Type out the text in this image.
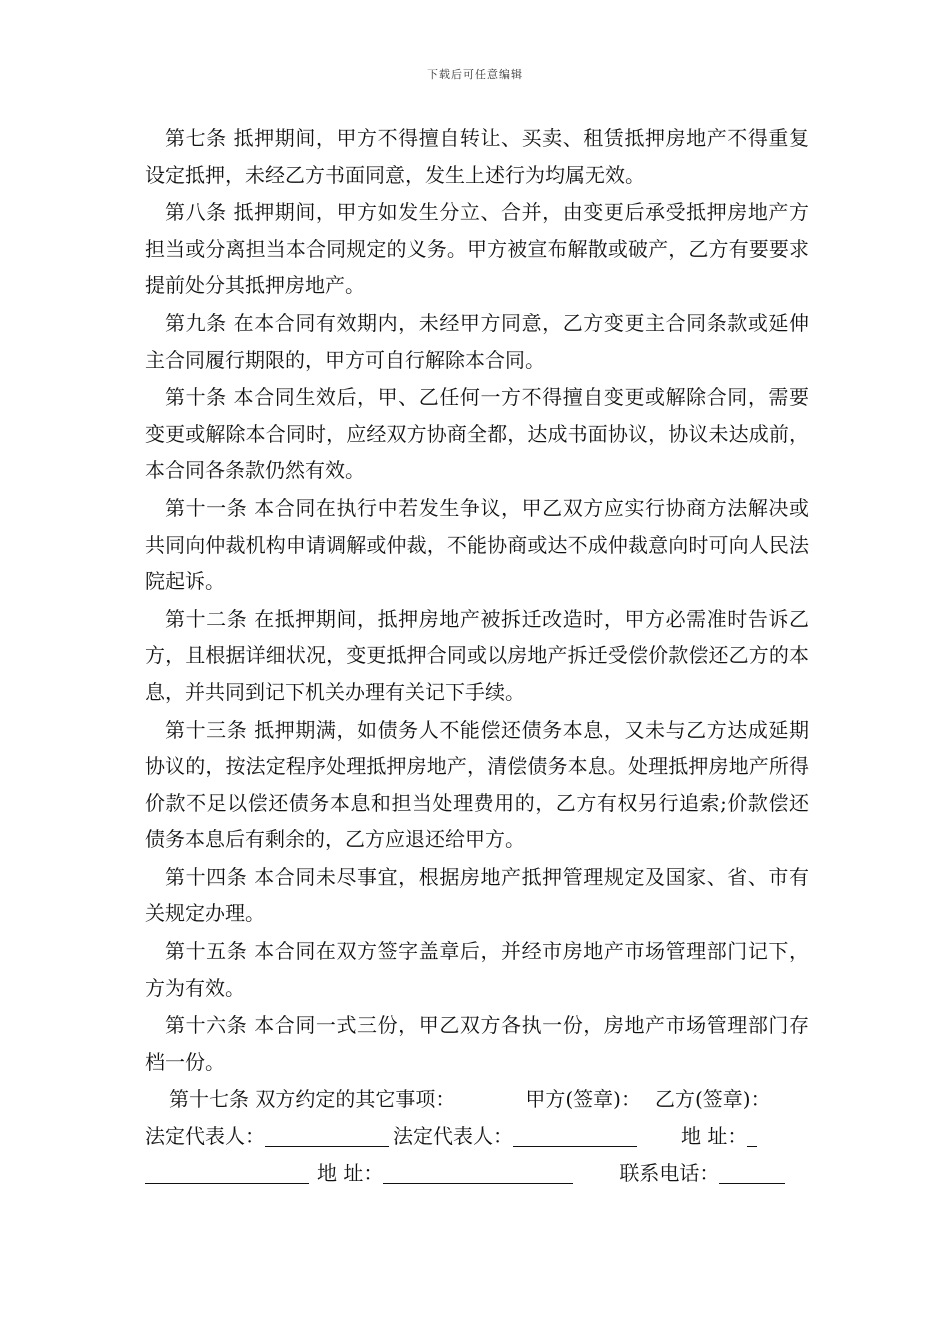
下载后可任意编辑

第七条 抵押期间，甲方不得擅自转让、买卖、租赁抵押房地产不得重复设定抵押，未经乙方书面同意，发生上述行为均属无效。

第八条 抵押期间，甲方如发生分立、合并，由变更后承受抵押房地产方担当或分离担当本合同规定的义务。甲方被宣布解散或破产，乙方有要要求提前处分其抵押房地产。

第九条 在本合同有效期内，未经甲方同意，乙方变更主合同条款或延伸主合同履行期限的，甲方可自行解除本合同。

第十条 本合同生效后，甲、乙任何一方不得擅自变更或解除合同，需要变更或解除本合同时，应经双方协商全都，达成书面协议，协议未达成前，本合同各条款仍然有效。

第十一条 本合同在执行中若发生争议，甲乙双方应实行协商方法解决或共同向仲裁机构申请调解或仲裁，不能协商或达不成仲裁意向时可向人民法院起诉。

第十二条 在抵押期间，抵押房地产被拆迁改造时，甲方必需准时告诉乙方，且根据详细状况，变更抵押合同或以房地产拆迁受偿价款偿还乙方的本息，并共同到记下机关办理有关记下手续。

第十三条 抵押期满，如债务人不能偿还债务本息，又未与乙方达成延期协议的，按法定程序处理抵押房地产，清偿债务本息。处理抵押房地产所得价款不足以偿还债务本息和担当处理费用的，乙方有权另行追索;价款偿还债务本息后有剩余的，乙方应退还给甲方。

第十四条 本合同未尽事宜，根据房地产抵押管理规定及国家、省、市有关规定办理。

第十五条 本合同在双方签字盖章后，并经市房地产市场管理部门记下，方为有效。

第十六条 本合同一式三份，甲乙双方各执一份，房地产市场管理部门存档一份。

第十七条 双方约定的其它事项：	甲方(签章)： 乙方(签章)：

法定代表人：	法定代表人：	地 址：

地 址：	联系电话：
